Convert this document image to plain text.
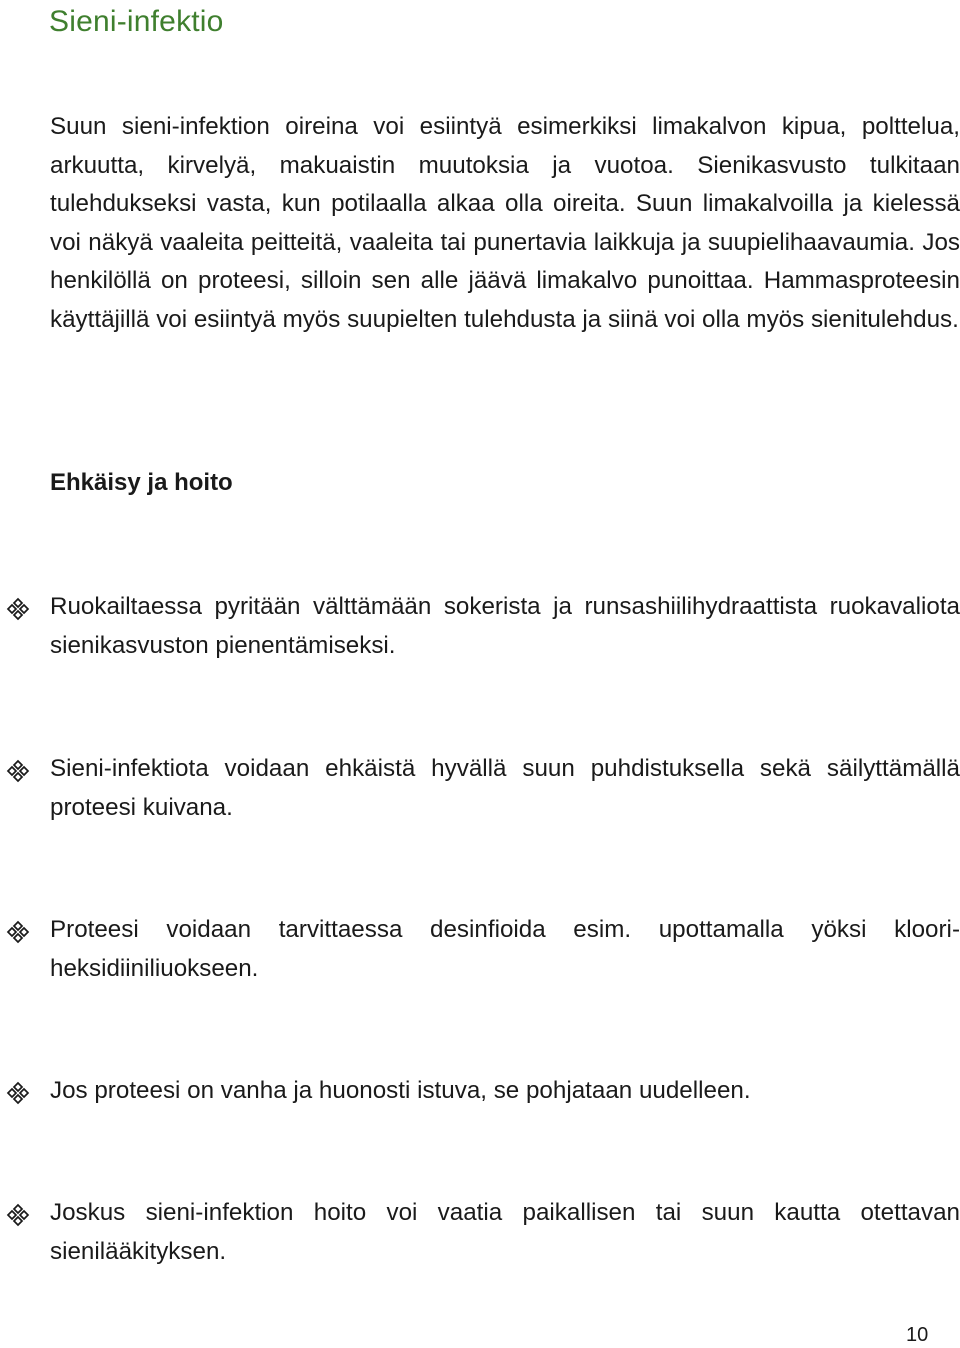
Sieni-infektio

Suun sieni-infektion oireina voi esiintyä esimerkiksi limakalvon kipua, polttelua, arkuutta, kirvelyä, makuaistin muutoksia ja vuotoa. Sienikasvusto tulkitaan tulehdukseksi vasta, kun potilaalla alkaa olla oireita. Suun limakalvoilla ja kielessä voi näkyä vaaleita peitteitä, vaaleita tai punertavia laikkuja ja suupielihaavaumia. Jos henkilöllä on proteesi, silloin sen alle jäävä limakalvo punoittaa. Hammasproteesin käyttäjillä voi esiintyä myös suupielten tulehdusta ja siinä voi olla myös sienitulehdus.

Ehkäisy ja hoito

Ruokailtaessa pyritään välttämään sokerista ja runsashiilihydraattista ruokavaliota sienikasvuston pienentämiseksi.

Sieni-infektiota voidaan ehkäistä hyvällä suun puhdistuksella sekä säilyttämällä proteesi kuivana.

Proteesi voidaan tarvittaessa desinfioida esim. upottamalla yöksi klooriheksidiiniliuokseen.

Jos proteesi on vanha ja huonosti istuva, se pohjataan uudelleen.

Joskus sieni-infektion hoito voi vaatia paikallisen tai suun kautta otettavan sienilääkityksen.

10
